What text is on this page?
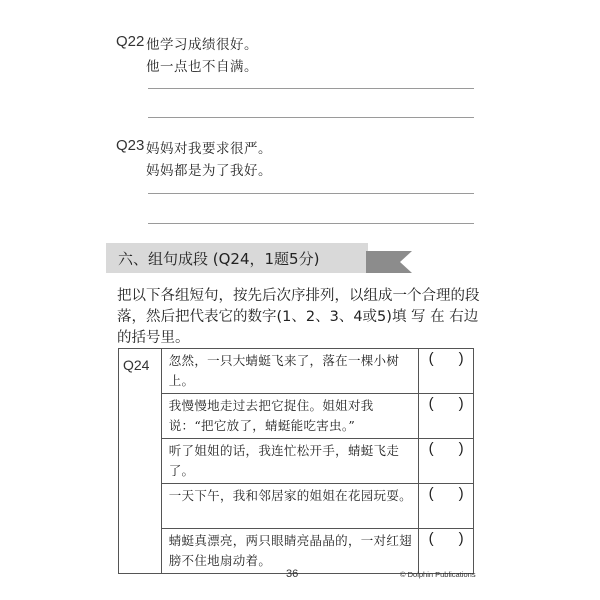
Q22 他学习成绩很好。
他一点也不自满。
Q23 妈妈对我要求很严。
妈妈都是为了我好。
六、组句成段 (Q24，1题5分)
把以下各组短句，按先后次序排列，以组成一个合理的段落，然后把代表它的数字(1、2、3、4或5)填 写 在 右边的括号里。
Q24	忽然，一只大蜻蜓飞来了，落在一棵小树上。	(      )
	我慢慢地走过去把它捉住。姐姐对我说：“把它放了，蜻蜓能吃害虫。”	(      )
	听了姐姐的话，我连忙松开手，蜻蜓飞走了。	(      )
	一天下午，我和邻居家的姐姐在花园玩耍。	(      )
	蜻蜓真漂亮，两只眼睛亮晶晶的，一对红翅膀不住地扇动着。	(      )
36	© Dolphin Publications
